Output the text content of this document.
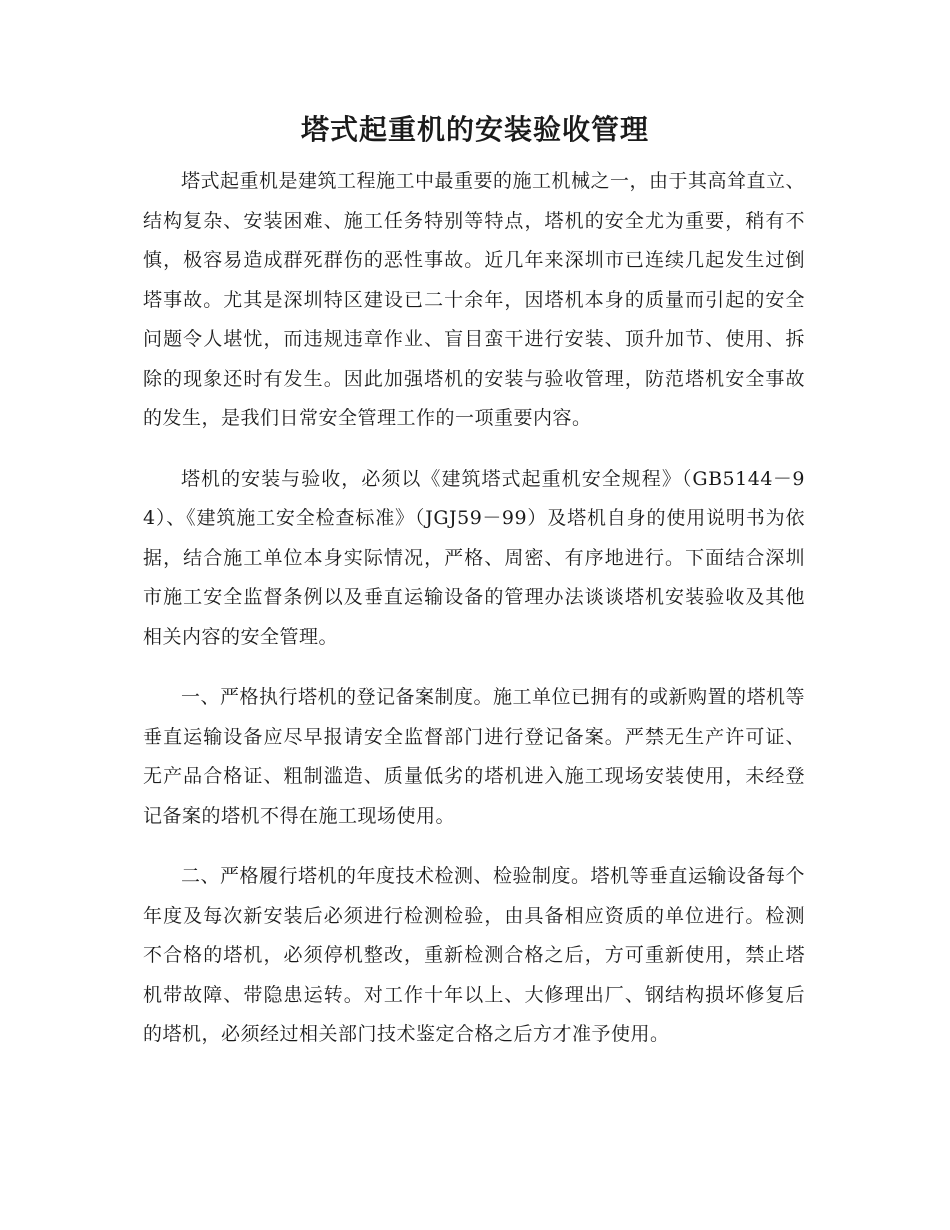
塔式起重机的安装验收管理

塔式起重机是建筑工程施工中最重要的施工机械之一，由于其高耸直立、结构复杂、安装困难、施工任务特别等特点，塔机的安全尤为重要，稍有不慎，极容易造成群死群伤的恶性事故。近几年来深圳市已连续几起发生过倒塔事故。尤其是深圳特区建设已二十余年，因塔机本身的质量而引起的安全问题令人堪忧，而违规违章作业、盲目蛮干进行安装、顶升加节、使用、拆除的现象还时有发生。因此加强塔机的安装与验收管理，防范塔机安全事故的发生，是我们日常安全管理工作的一项重要内容。

塔机的安装与验收，必须以《建筑塔式起重机安全规程》（GB5144－94）、《建筑施工安全检查标准》（JGJ59－99）及塔机自身的使用说明书为依据，结合施工单位本身实际情况，严格、周密、有序地进行。下面结合深圳市施工安全监督条例以及垂直运输设备的管理办法谈谈塔机安装验收及其他相关内容的安全管理。

一、严格执行塔机的登记备案制度。施工单位已拥有的或新购置的塔机等垂直运输设备应尽早报请安全监督部门进行登记备案。严禁无生产许可证、无产品合格证、粗制滥造、质量低劣的塔机进入施工现场安装使用，未经登记备案的塔机不得在施工现场使用。

二、严格履行塔机的年度技术检测、检验制度。塔机等垂直运输设备每个年度及每次新安装后必须进行检测检验，由具备相应资质的单位进行。检测不合格的塔机，必须停机整改，重新检测合格之后，方可重新使用，禁止塔机带故障、带隐患运转。对工作十年以上、大修理出厂、钢结构损坏修复后的塔机，必须经过相关部门技术鉴定合格之后方才准予使用。
